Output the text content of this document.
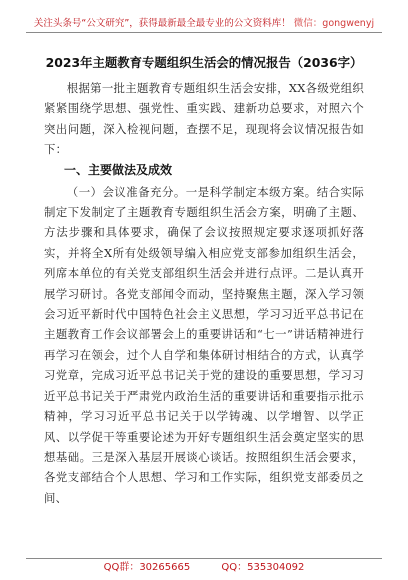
关注头条号“公文研究”，获得最新最全最专业的公文资料库！ 微信：gongwenyj
2023年主题教育专题组织生活会的情况报告（2036字）

根据第一批主题教育专题组织生活会安排，XX各级党组织紧紧围绕学思想、强党性、重实践、建新功总要求，对照六个突出问题，深入检视问题，查摆不足，现现将会议情况报告如下：

一、主要做法及成效

（一）会议准备充分。一是科学制定本级方案。结合实际制定下发制定了主题教育专题组织生活会方案，明确了主题、方法步骤和具体要求，确保了会议按照规定要求逐项抓好落实，并将全X所有处级领导编入相应党支部参加组织生活会，列席本单位的有关党支部组织生活会并进行点评。二是认真开展学习研讨。各党支部闻令而动，坚持聚焦主题，深入学习领会习近平新时代中国特色社会主义思想，学习习近平总书记在主题教育工作会议部署会上的重要讲话和“七一”讲话精神进行再学习在领会，过个人自学和集体研讨相结合的方式，认真学习党章，完成习近平总书记关于党的建设的重要思想，学习习近平总书记关于严肃党内政治生活的重要讲话和重要指示批示精神，学习习近平总书记关于以学铸魂、以学增智、以学正风、以学促干等重要论述为开好专题组织生活会奠定坚实的思想基础。三是深入基层开展谈心谈话。按照组织生活会要求，各党支部结合个人思想、学习和工作实际，组织党支部委员之间、

QQ群：30265665	QQ：535304092
